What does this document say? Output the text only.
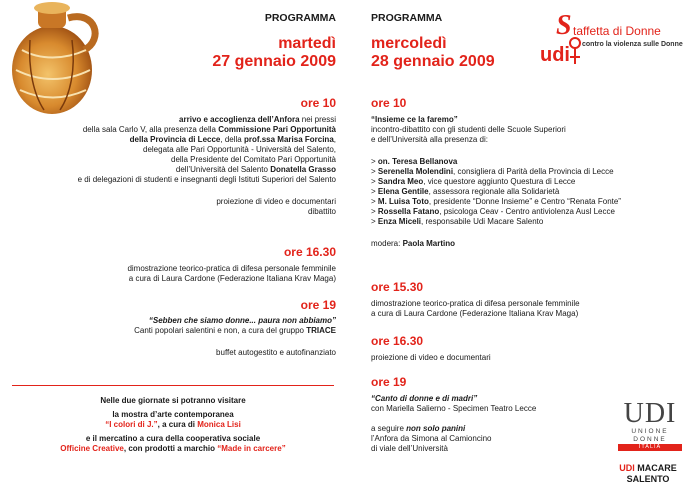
PROGRAMMA
martedì
27 gennaio 2009
ore 10
arrivo e accoglienza dell’Anfora nei pressi
della sala Carlo V, alla presenza della Commissione Pari Opportunità
della Provincia di Lecce, della prof.ssa Marisa Forcina,
delegata alle Pari Opportunità - Università del Salento,
della Presidente del Comitato Pari Opportunità
dell’Università del Salento Donatella Grasso
e di delegazioni di studenti e insegnanti degli Istituti Superiori del Salento
proiezione di video e documentari
dibattito
ore 16.30
dimostrazione teorico-pratica di difesa personale femminile
a cura di Laura Cardone (Federazione Italiana Krav Maga)
ore 19
“Sebben che siamo donne... paura non abbiamo”
Canti popolari salentini e non, a cura del gruppo TRIACE
buffet autogestito e autofinanziato
Nelle due giornate si potranno visitare
la mostra d’arte contemporanea
“I colori di J.”, a cura di Monica Lisi
e il mercatino a cura della cooperativa sociale
Officine Creative, con prodotti a marchio “Made in carcere”
PROGRAMMA
mercoledì
28 gennaio 2009
S taffetta di Donne
contro la violenza sulle Donne
udi
ore 10
“Insieme ce la faremo”
incontro-dibattito con gli studenti delle Scuole Superiori
e dell’Università alla presenza di:
> on. Teresa Bellanova
> Serenella Molendini, consigliera di Parità della Provincia di Lecce
> Sandra Meo, vice questore aggiunto Questura di Lecce
> Elena Gentile, assessora regionale alla Solidarietà
> M. Luisa Toto, presidente “Donne Insieme” e Centro “Renata Fonte”
> Rossella Fatano, psicologa Ceav - Centro antiviolenza Ausl Lecce
> Enza Miceli, responsabile Udi Macare Salento
modera: Paola Martino
ore 15.30
dimostrazione teorico-pratica di difesa personale femminile
a cura di Laura Cardone (Federazione Italiana Krav Maga)
ore 16.30
proiezione di video e documentari
ore 19
“Canto di donne e di madri”
con Mariella Salierno - Specimen Teatro Lecce
a seguire non solo panini
l’Anfora da Simona al Camioncino
di viale dell’Università
UDI
UNIONE
DONNE
ITALIA
UDI MACARE
SALENTO
